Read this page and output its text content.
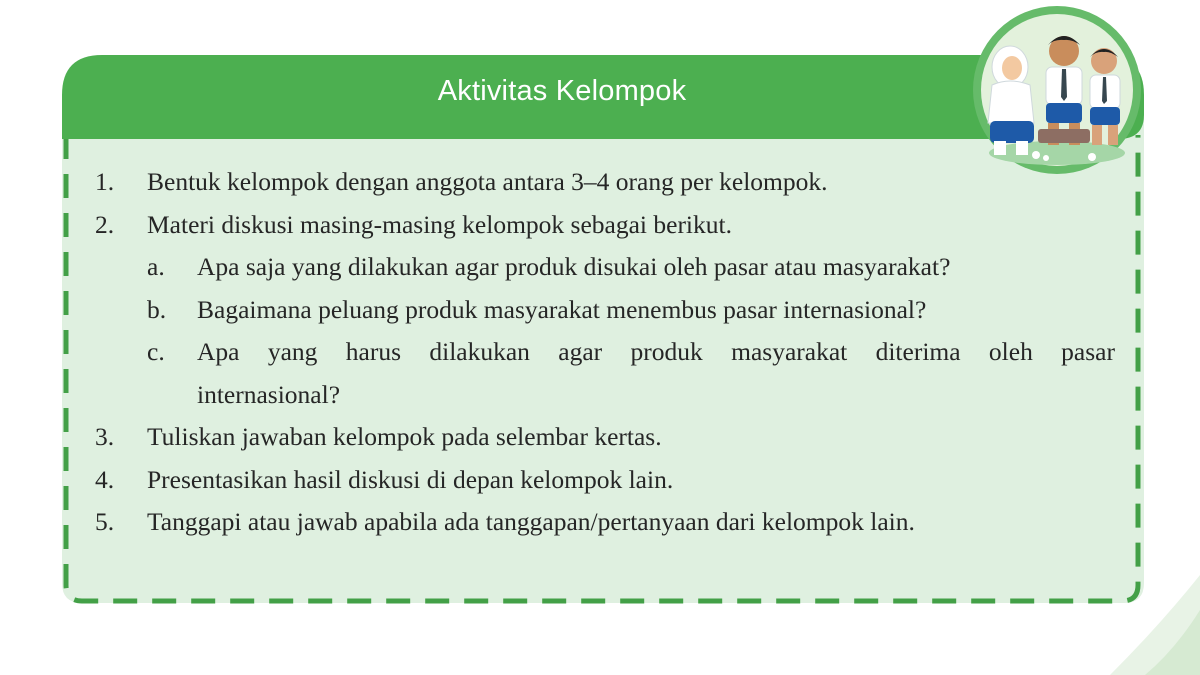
Aktivitas Kelompok
1. Bentuk kelompok dengan anggota antara 3–4 orang per kelompok.
2. Materi diskusi masing-masing kelompok sebagai berikut.
a. Apa saja yang dilakukan agar produk disukai oleh pasar atau masyarakat?
b. Bagaimana peluang produk masyarakat menembus pasar internasional?
c. Apa yang harus dilakukan agar produk masyarakat diterima oleh pasar
internasional?
3. Tuliskan jawaban kelompok pada selembar kertas.
4. Presentasikan hasil diskusi di depan kelompok lain.
5. Tanggapi atau jawab apabila ada tanggapan/pertanyaan dari kelompok lain.
